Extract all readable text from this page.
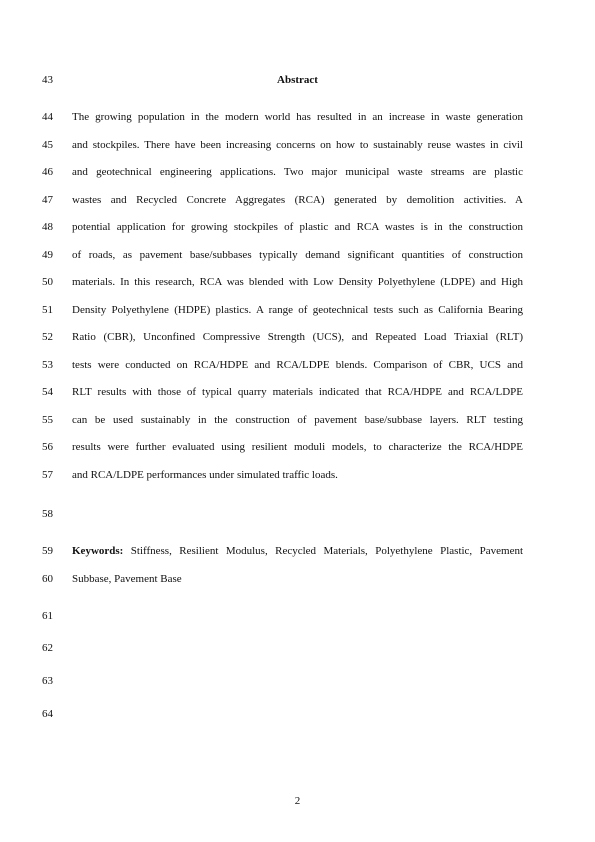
43
44
45
46
47
48
49
50
51
52
53
54
55
56
57
58
59
60
61
62
63
64
Abstract
The growing population in the modern world has resulted in an increase in waste generation
and stockpiles. There have been increasing concerns on how to sustainably reuse wastes in civil
and geotechnical engineering applications. Two major municipal waste streams are plastic
wastes and Recycled Concrete Aggregates (RCA) generated by demolition activities. A
potential application for growing stockpiles of plastic and RCA wastes is in the construction
of roads, as pavement base/subbases typically demand significant quantities of construction
materials. In this research, RCA was blended with Low Density Polyethylene (LDPE) and High
Density Polyethylene (HDPE) plastics. A range of geotechnical tests such as California Bearing
Ratio (CBR), Unconfined Compressive Strength (UCS), and Repeated Load Triaxial (RLT)
tests were conducted on RCA/HDPE and RCA/LDPE blends. Comparison of CBR, UCS and
RLT results with those of typical quarry materials indicated that RCA/HDPE and RCA/LDPE
can be used sustainably in the construction of pavement base/subbase layers. RLT testing
results were further evaluated using resilient moduli models, to characterize the RCA/HDPE
and RCA/LDPE performances under simulated traffic loads.
Keywords: Stiffness, Resilient Modulus, Recycled Materials, Polyethylene Plastic, Pavement
Subbase, Pavement Base
2
